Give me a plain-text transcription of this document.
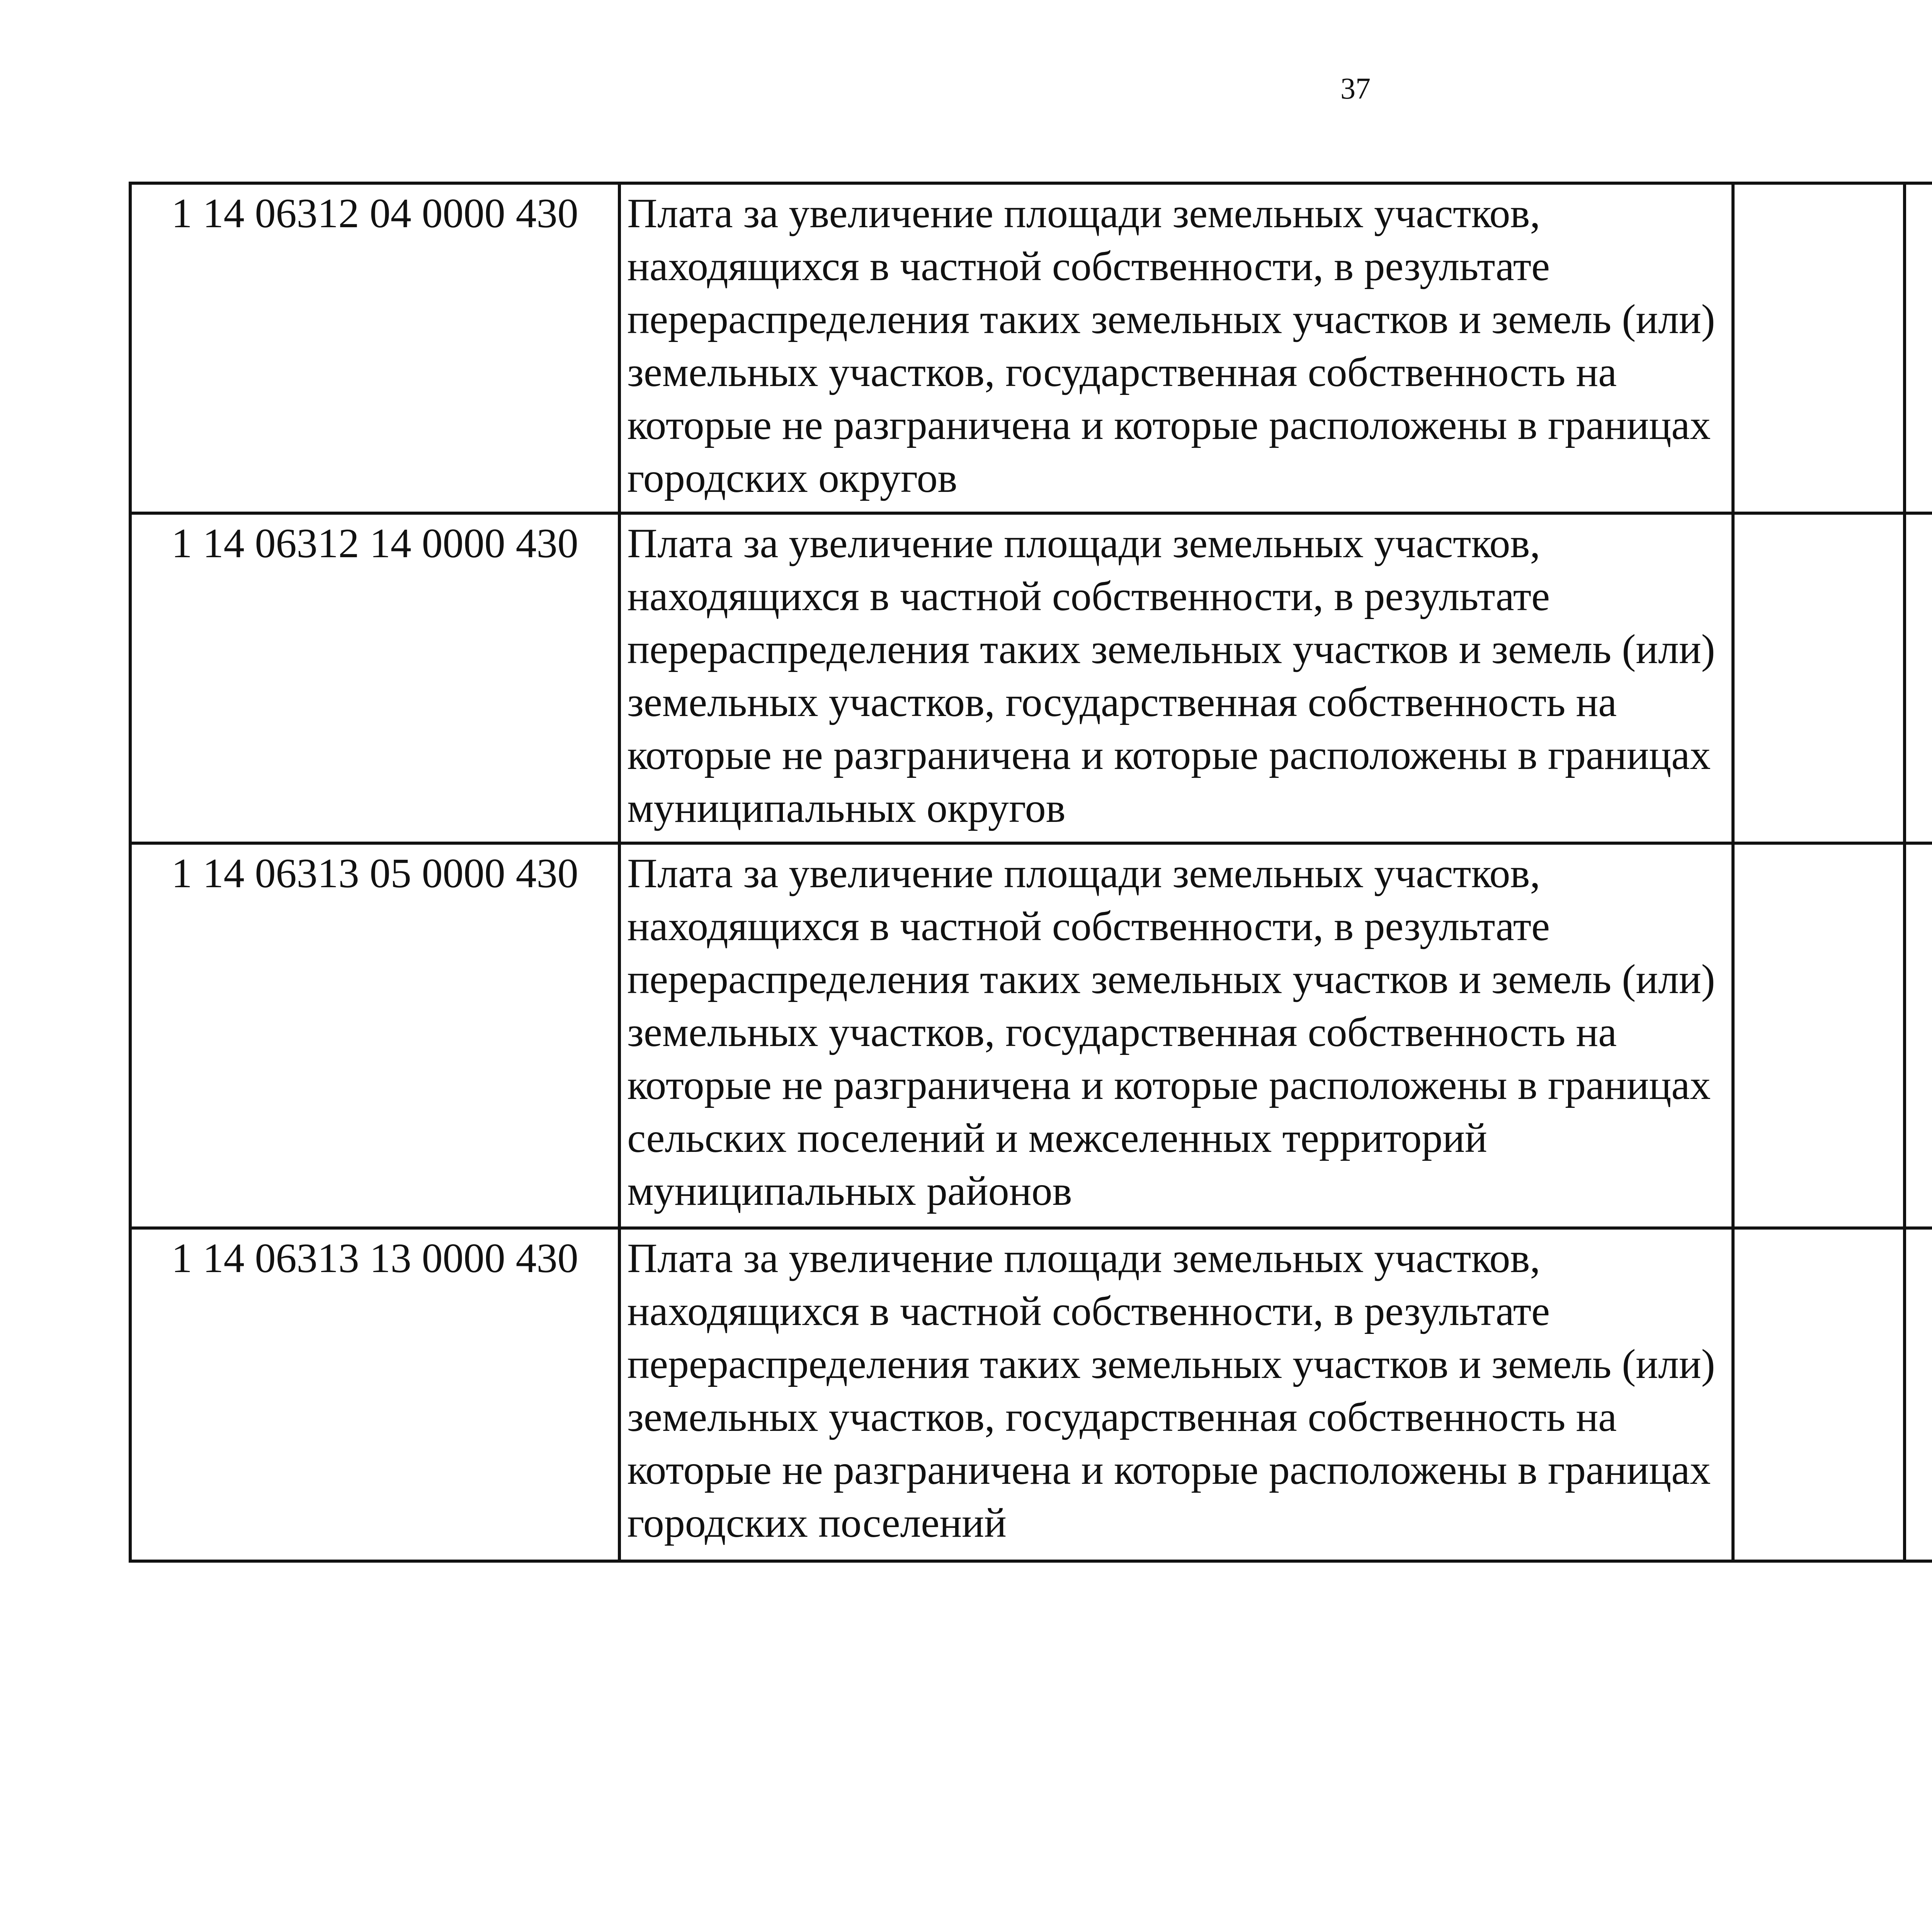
37
1 14 06312 04 0000 430	Плата за увеличение площади земельных участков, находящихся в частной собственности, в результате перераспределения таких земельных участков и земель (или) земельных участков, государственная собственность на которые не разграничена и которые расположены в границах городских округов					
1 14 06312 14 0000 430	Плата за увеличение площади земельных участков, находящихся в частной собственности, в результате перераспределения таких земельных участков и земель (или) земельных участков, государственная собственность на которые не разграничена и которые расположены в границах муниципальных округов					
1 14 06313 05 0000 430	Плата за увеличение площади земельных участков, находящихся в частной собственности, в результате перераспределения таких земельных участков и земель (или) земельных участков, государственная собственность на которые не разграничена и которые расположены в границах сельских поселений и межселенных территорий муниципальных районов					
1 14 06313 13 0000 430	Плата за увеличение площади земельных участков, находящихся в частной собственности, в результате перераспределения таких земельных участков и земель (или) земельных участков, государственная собственность на которые не разграничена и которые расположены в границах городских поселений					
